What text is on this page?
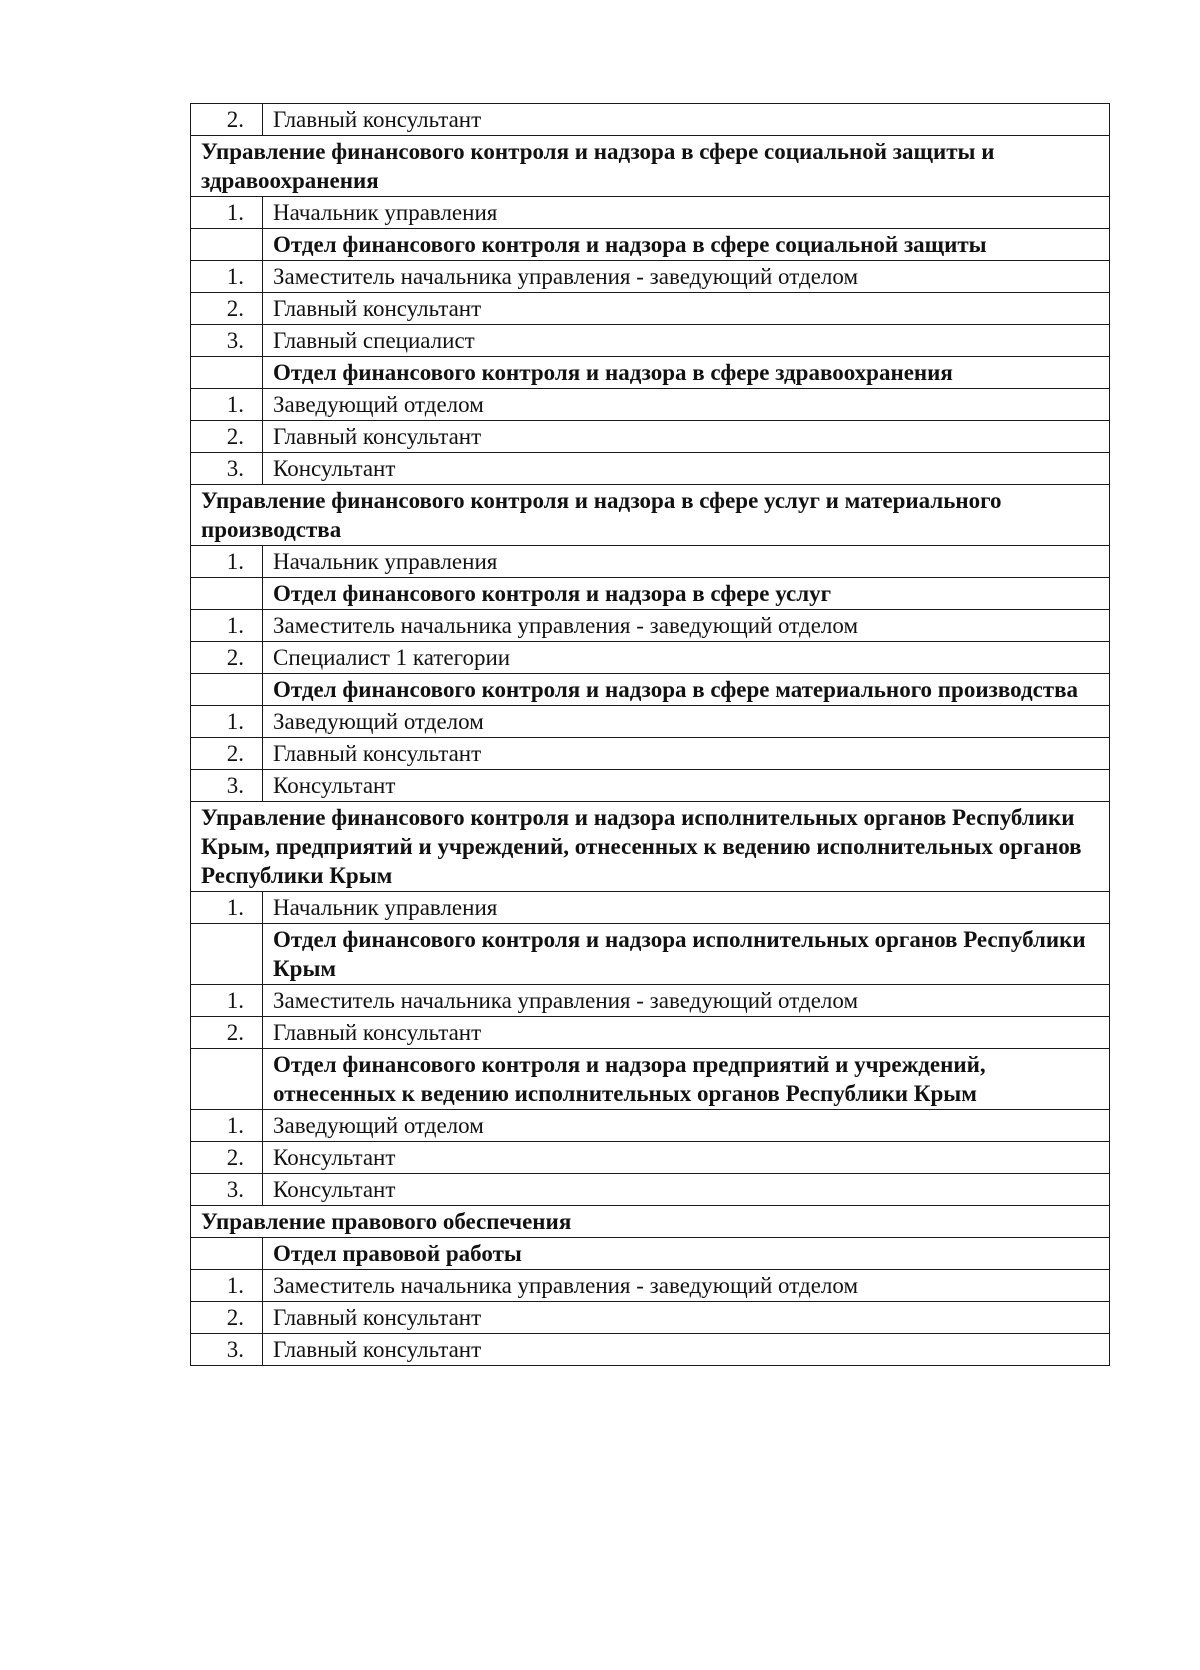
2.	Главный консультант
Управление финансового контроля и надзора в сфере социальной защиты и здравоохранения	
1.	Начальник управления
	Отдел финансового контроля и надзора в сфере социальной защиты
1.	Заместитель начальника управления - заведующий отделом
2.	Главный консультант
3.	Главный специалист
	Отдел финансового контроля и надзора в сфере здравоохранения
1.	Заведующий отделом
2.	Главный консультант
3.	Консультант
Управление финансового контроля и надзора в сфере услуг и материального производства	
1.	Начальник управления
	Отдел финансового контроля и надзора в сфере услуг
1.	Заместитель начальника управления - заведующий отделом
2.	Специалист 1 категории
	Отдел финансового контроля и надзора в сфере материального производства
1.	Заведующий отделом
2.	Главный консультант
3.	Консультант
Управление финансового контроля и надзора исполнительных органов Республики Крым, предприятий и учреждений, отнесенных к ведению исполнительных органов Республики Крым	
1.	Начальник управления
	Отдел финансового контроля и надзора исполнительных органов Республики Крым
1.	Заместитель начальника управления - заведующий отделом
2.	Главный консультант
	Отдел финансового контроля и надзора предприятий и учреждений, отнесенных к ведению исполнительных органов Республики Крым
1.	Заведующий отделом
2.	Консультант
3.	Консультант
Управление правового обеспечения	
	Отдел правовой работы
1.	Заместитель начальника управления - заведующий отделом
2.	Главный консультант
3.	Главный консультант
